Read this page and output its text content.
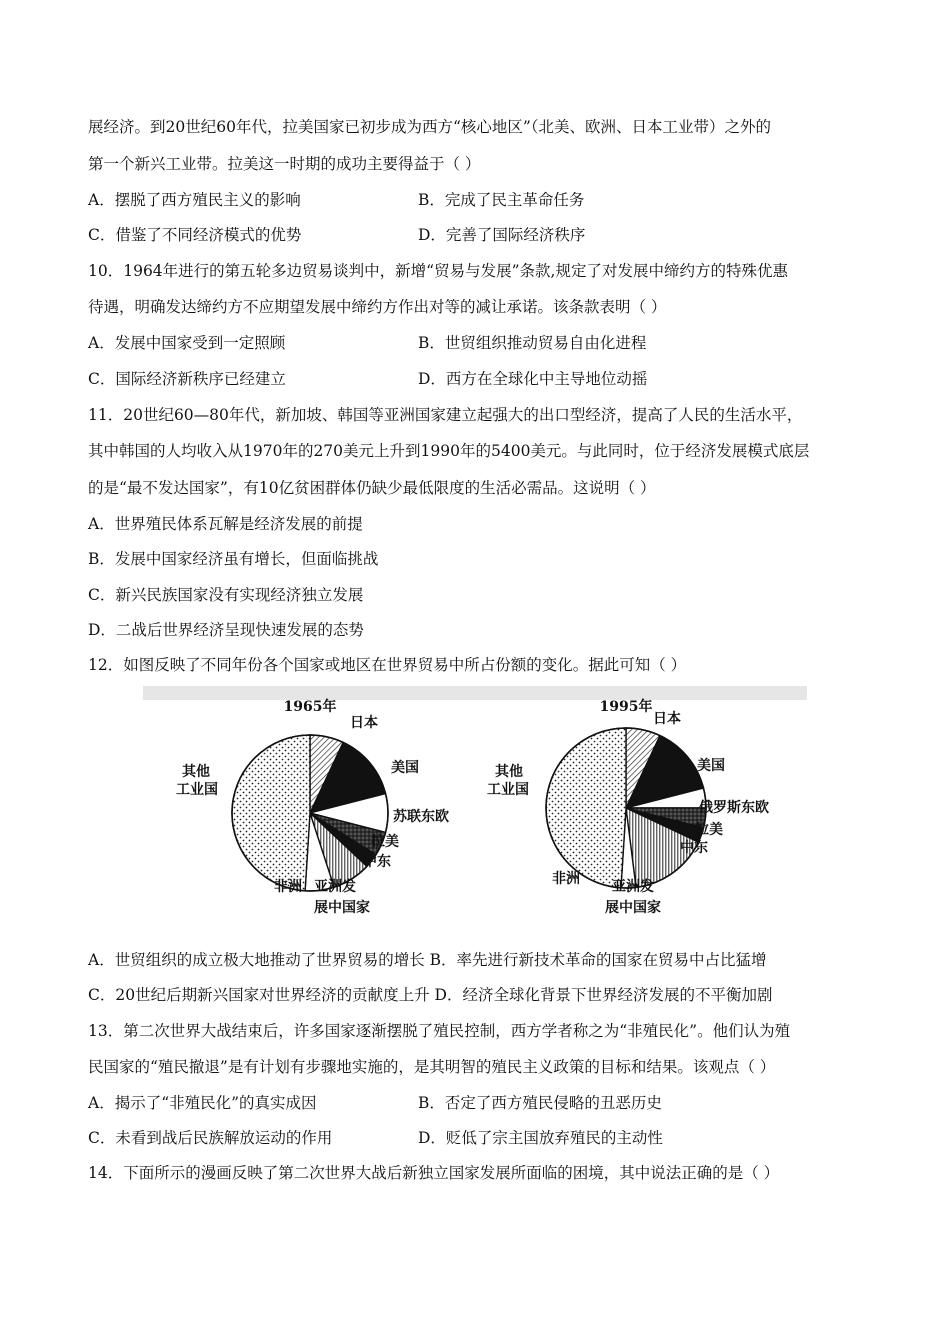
展经济。到20世纪60年代，拉美国家已初步成为西方“核心地区”（北美、欧洲、日本工业带）之外的
第一个新兴工业带。拉美这一时期的成功主要得益于（ ）
A．摆脱了西方殖民主义的影响	B．完成了民主革命任务
C．借鉴了不同经济模式的优势	D．完善了国际经济秩序
10．1964年进行的第五轮多边贸易谈判中，新增“贸易与发展”条款,规定了对发展中缔约方的特殊优惠
待遇，明确发达缔约方不应期望发展中缔约方作出对等的减让承诺。该条款表明（ ）
A．发展中国家受到一定照顾	B．世贸组织推动贸易自由化进程
C．国际经济新秩序已经建立	D．西方在全球化中主导地位动摇
11．20世纪60—80年代，新加坡、韩国等亚洲国家建立起强大的出口型经济，提高了人民的生活水平，
其中韩国的人均收入从1970年的270美元上升到1990年的5400美元。与此同时，位于经济发展模式底层
的是“最不发达国家”，有10亿贫困群体仍缺少最低限度的生活必需品。这说明（ ）
A．世界殖民体系瓦解是经济发展的前提
B．发展中国家经济虽有增长，但面临挑战
C．新兴民族国家没有实现经济独立发展
D．二战后世界经济呈现快速发展的态势
12．如图反映了不同年份各个国家或地区在世界贸易中所占份额的变化。据此可知（ ）
1965年
日本
美国
苏联东欧
拉美
中东
亚洲发
展中国家
非洲
其他
工业国
1995年
日本
美国
俄罗斯东欧
拉美
中东
亚洲发
展中国家
非洲
其他
工业国
A．世贸组织的成立极大地推动了世界贸易的增长 B．率先进行新技术革命的国家在贸易中占比猛增
C．20世纪后期新兴国家对世界经济的贡献度上升 D．经济全球化背景下世界经济发展的不平衡加剧
13．第二次世界大战结束后，许多国家逐渐摆脱了殖民控制，西方学者称之为“非殖民化”。他们认为殖
民国家的“殖民撤退”是有计划有步骤地实施的，是其明智的殖民主义政策的目标和结果。该观点（ ）
A．揭示了“非殖民化”的真实成因	B．否定了西方殖民侵略的丑恶历史
C．未看到战后民族解放运动的作用	D．贬低了宗主国放弃殖民的主动性
14．下面所示的漫画反映了第二次世界大战后新独立国家发展所面临的困境，其中说法正确的是（ ）
